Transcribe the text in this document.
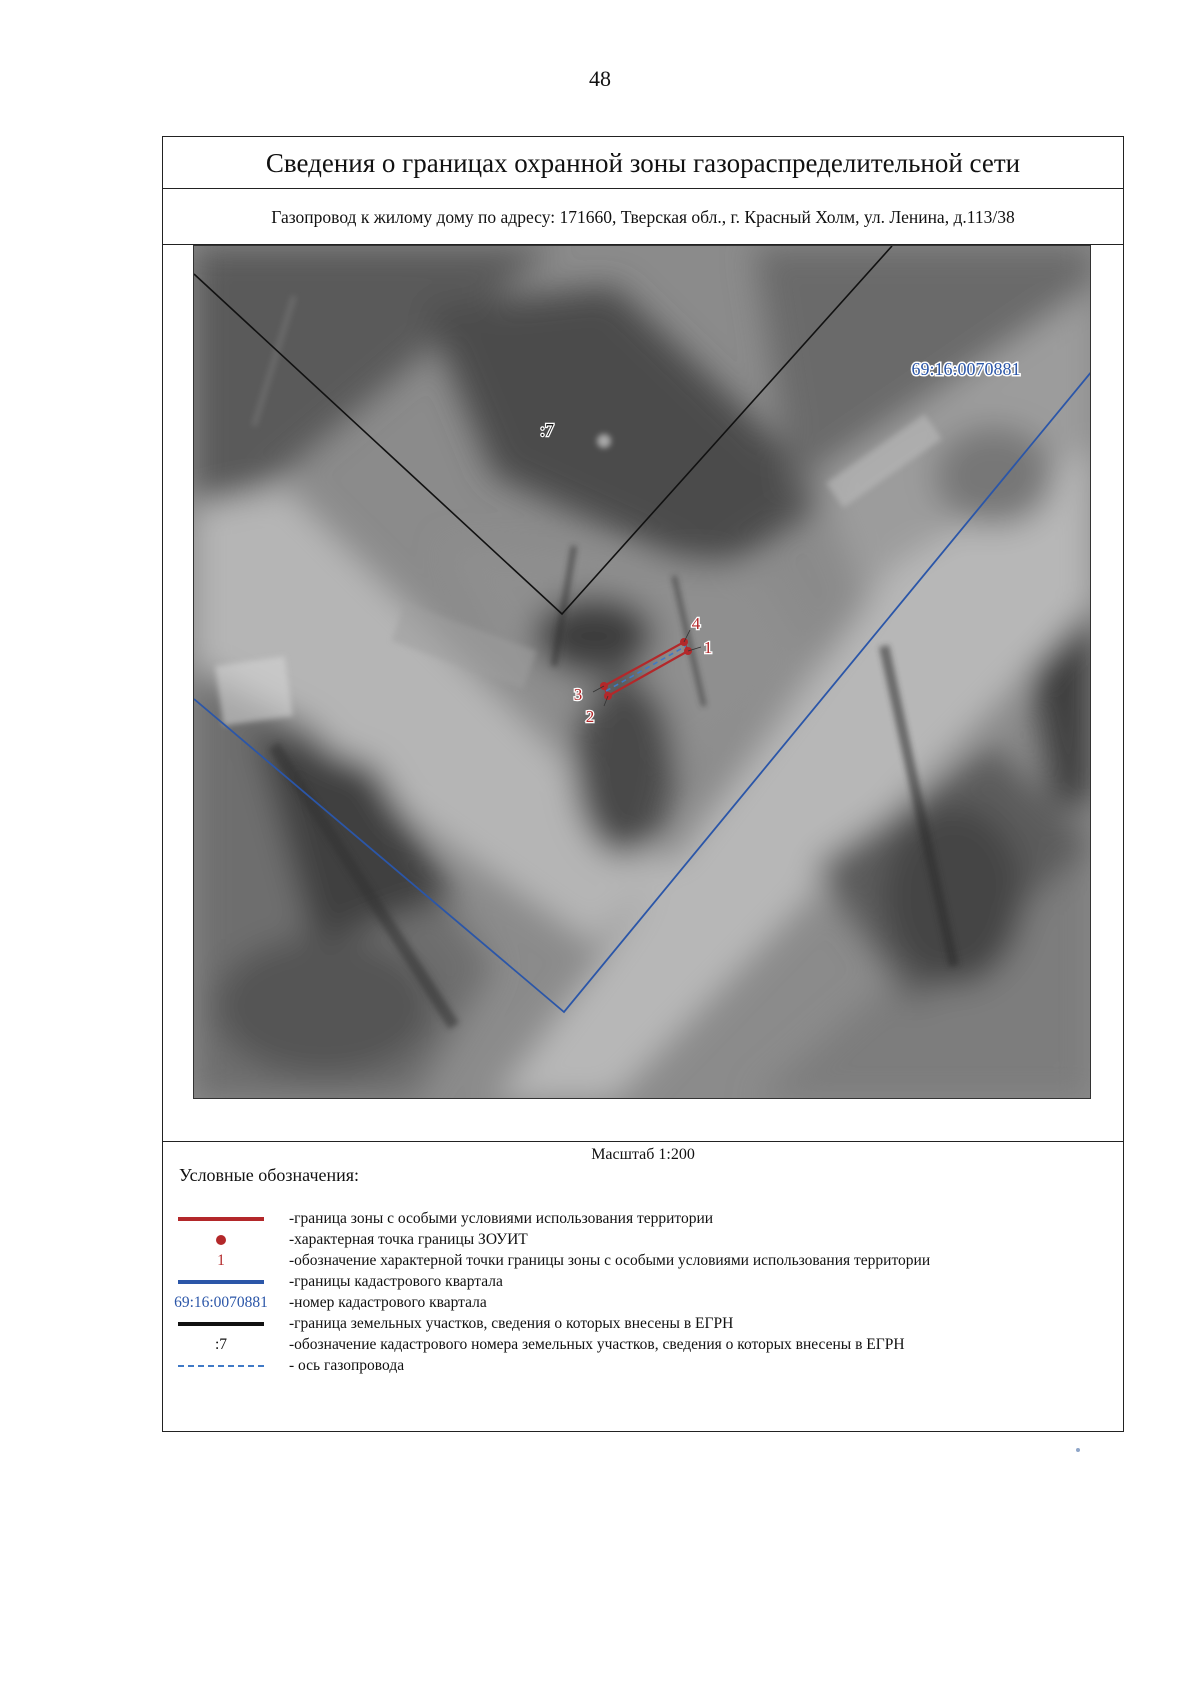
48
Сведения о границах охранной зоны газораспределительной сети
Газопровод к жилому дому по адресу: 171660, Тверская обл., г. Красный Холм, ул. Ленина, д.113/38
69:16:0070881
:7
4
1
3
2
Масштаб 1:200
Условные обозначения:
-граница зоны с особыми условиями использования территории
-характерная точка границы ЗОУИТ
1	-обозначение характерной точки границы зоны с особыми условиями использования территории
-границы кадастрового квартала
69:16:0070881 -номер кадастрового квартала
-граница земельных участков, сведения о которых внесены в ЕГРН
:7	-обозначение кадастрового номера земельных участков, сведения о которых внесены в ЕГРН
- ось газопровода
